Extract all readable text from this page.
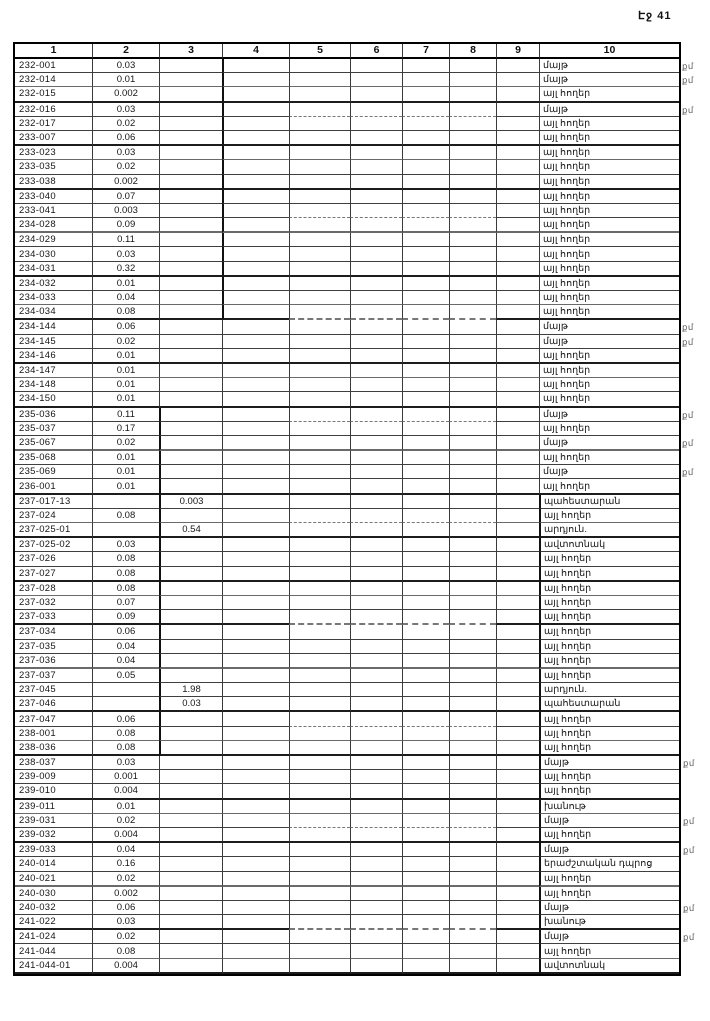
Էջ 41
1	2	3	4	5	6	7	8	9	10
232-001	0.03								մայթ քմ

232-014	0.01								մայթ քմ

232-015	0.002								այլ հողեր
232-016	0.03								մայթ քմ

232-017	0.02								այլ հողեր
233-007	0.06								այլ հողեր
233-023	0.03								այլ հողեր
233-035	0.02								այլ հողեր
233-038	0.002								այլ հողեր
233-040	0.07								այլ հողեր
233-041	0.003								այլ հողեր
234-028	0.09								այլ հողեր
234-029	0.11								այլ հողեր
234-030	0.03								այլ հողեր
234-031	0.32								այլ հողեր
234-032	0.01								այլ հողեր
234-033	0.04								այլ հողեր
234-034	0.08								այլ հողեր
234-144	0.06								մայթ քմ

234-145	0.02								մայթ քմ

234-146	0.01								այլ հողեր
234-147	0.01								այլ հողեր
234-148	0.01								այլ հողեր
234-150	0.01								այլ հողեր
235-036	0.11								մայթ քմ

235-037	0.17								այլ հողեր
235-067	0.02								մայթ քմ

235-068	0.01								այլ հողեր
235-069	0.01								մայթ քմ

236-001	0.01								այլ հողեր
237-017-13		0.003							պահեստարան
237-024	0.08								այլ հողեր
237-025-01		0.54							արդյուն.
237-025-02	0.03								ավտոտնակ
237-026	0.08								այլ հողեր
237-027	0.08								այլ հողեր
237-028	0.08								այլ հողեր
237-032	0.07								այլ հողեր
237-033	0.09								այլ հողեր
237-034	0.06								այլ հողեր
237-035	0.04								այլ հողեր
237-036	0.04								այլ հողեր
237-037	0.05								այլ հողեր
237-045		1.98							արդյուն.
237-046		0.03							պահեստարան
237-047	0.06								այլ հողեր
238-001	0.08								այլ հողեր
238-036	0.08								այլ հողեր
238-037	0.03								մայթ քմ

239-009	0.001								այլ հողեր
239-010	0.004								այլ հողեր
239-011	0.01								խանութ
239-031	0.02								մայթ քմ

239-032	0.004								այլ հողեր
239-033	0.04								մայթ քմ

240-014	0.16								երաժշտական դպրոց
240-021	0.02								այլ հողեր
240-030	0.002								այլ հողեր
240-032	0.06								մայթ քմ

241-022	0.03								խանութ
241-024	0.02								մայթ քմ

241-044	0.08								այլ հողեր
241-044-01	0.004								ավտոտնակ
